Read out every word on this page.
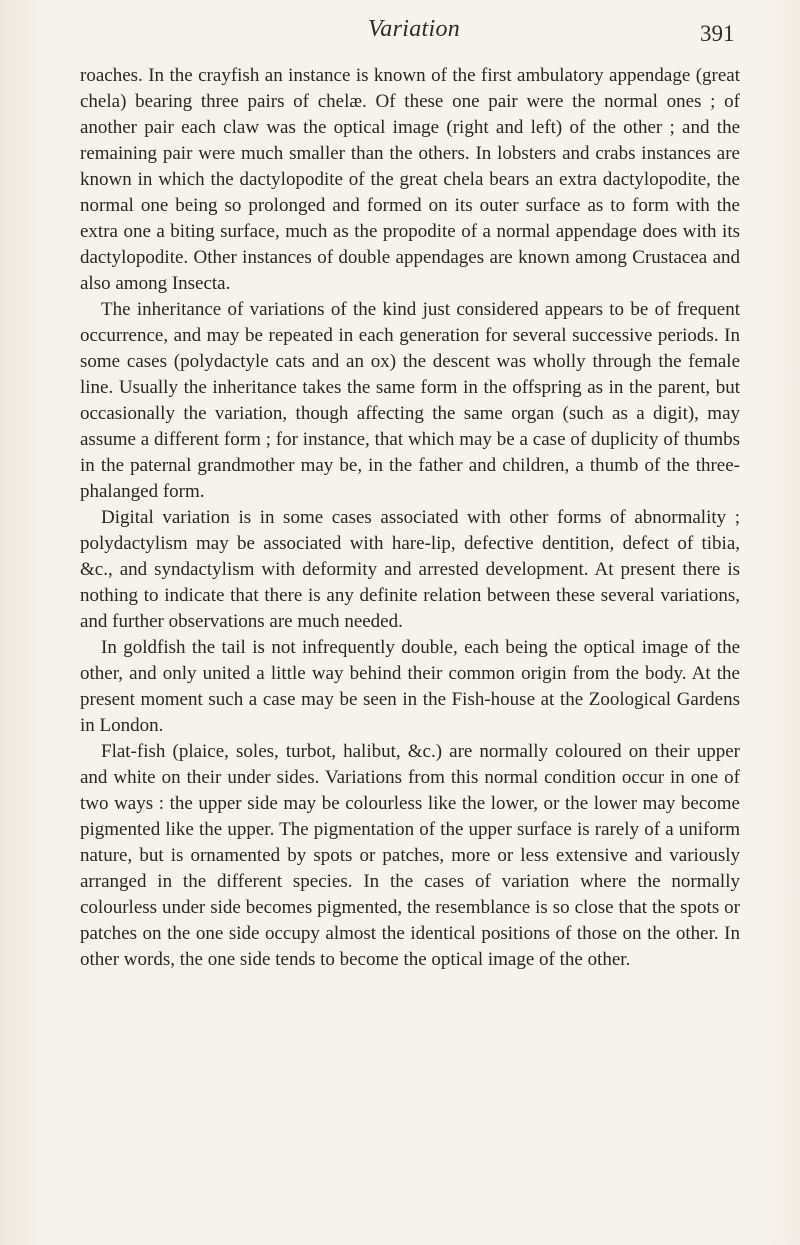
Variation	391

roaches. In the crayfish an instance is known of the first ambulatory appendage (great chela) bearing three pairs of chelæ. Of these one pair were the normal ones ; of another pair each claw was the optical image (right and left) of the other ; and the remaining pair were much smaller than the others. In lobsters and crabs instances are known in which the dactylopodite of the great chela bears an extra dactylopodite, the normal one being so prolonged and formed on its outer surface as to form with the extra one a biting surface, much as the propodite of a normal appendage does with its dactylopodite. Other instances of double appendages are known among Crustacea and also among Insecta.

The inheritance of variations of the kind just considered appears to be of frequent occurrence, and may be repeated in each generation for several successive periods. In some cases (polydactyle cats and an ox) the descent was wholly through the female line. Usually the inheritance takes the same form in the offspring as in the parent, but occasionally the variation, though affecting the same organ (such as a digit), may assume a different form ; for instance, that which may be a case of duplicity of thumbs in the paternal grandmother may be, in the father and children, a thumb of the three-phalanged form.

Digital variation is in some cases associated with other forms of abnormality ; polydactylism may be associated with hare-lip, defective dentition, defect of tibia, &c., and syndactylism with deformity and arrested development. At present there is nothing to indicate that there is any definite relation between these several variations, and further observations are much needed.

In goldfish the tail is not infrequently double, each being the optical image of the other, and only united a little way behind their common origin from the body. At the present moment such a case may be seen in the Fish-house at the Zoological Gardens in London.

Flat-fish (plaice, soles, turbot, halibut, &c.) are normally coloured on their upper and white on their under sides. Variations from this normal condition occur in one of two ways : the upper side may be colourless like the lower, or the lower may become pigmented like the upper. The pigmentation of the upper surface is rarely of a uniform nature, but is ornamented by spots or patches, more or less extensive and variously arranged in the different species. In the cases of variation where the normally colourless under side becomes pigmented, the resemblance is so close that the spots or patches on the one side occupy almost the identical positions of those on the other. In other words, the one side tends to become the optical image of the other.
